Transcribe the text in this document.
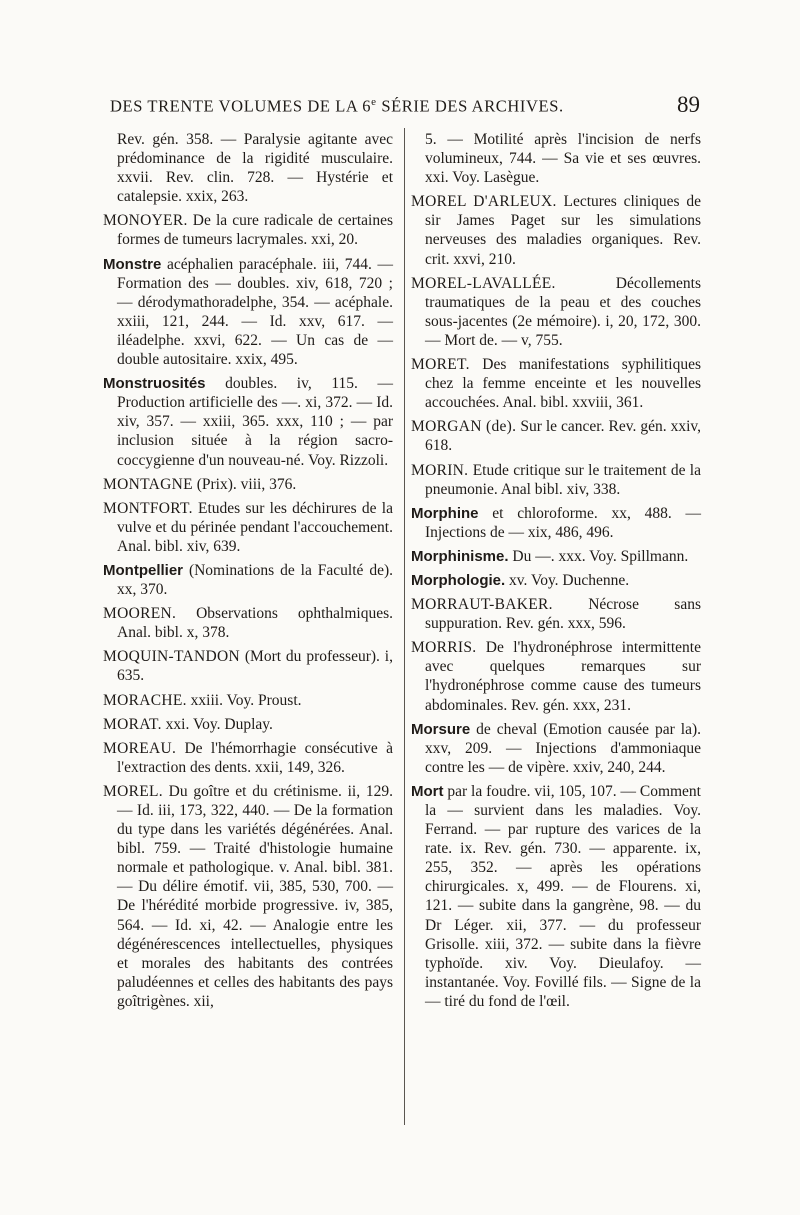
DES TRENTE VOLUMES DE LA 6e SÉRIE DES ARCHIVES.	89

Rev. gén. 358. — Paralysie agitante avec prédominance de la rigidité musculaire. xxvii. Rev. clin. 728. — Hystérie et catalepsie. xxix, 263.

MONOYER. De la cure radicale de certaines formes de tumeurs lacrymales. xxi, 20.

Monstre acéphalien paracéphale. iii, 744. — Formation des — doubles. xiv, 618, 720 ; — dérodymathoradelphe, 354. — acéphale. xxiii, 121, 244. — Id. xxv, 617. — iléadelphe. xxvi, 622. — Un cas de — double autositaire. xxix, 495.

Monstruosités doubles. iv, 115. — Production artificielle des —. xi, 372. — Id. xiv, 357. — xxiii, 365. xxx, 110 ; — par inclusion située à la région sacro-coccygienne d'un nouveau-né. Voy. Rizzoli.

MONTAGNE (Prix). viii, 376.

MONTFORT. Etudes sur les déchirures de la vulve et du périnée pendant l'accouchement. Anal. bibl. xiv, 639.

Montpellier (Nominations de la Faculté de). xx, 370.

MOOREN. Observations ophthalmiques. Anal. bibl. x, 378.

MOQUIN-TANDON (Mort du professeur). i, 635.

MORACHE. xxiii. Voy. Proust.

MORAT. xxi. Voy. Duplay.

MOREAU. De l'hémorrhagie consécutive à l'extraction des dents. xxii, 149, 326.

MOREL. Du goître et du crétinisme. ii, 129. — Id. iii, 173, 322, 440. — De la formation du type dans les variétés dégénérées. Anal. bibl. 759. — Traité d'histologie humaine normale et pathologique. v. Anal. bibl. 381. — Du délire émotif. vii, 385, 530, 700. — De l'hérédité morbide progressive. iv, 385, 564. — Id. xi, 42. — Analogie entre les dégénérescences intellectuelles, physiques et morales des habitants des contrées paludéennes et celles des habitants des pays goîtrigènes. xii,

5. — Motilité après l'incision de nerfs volumineux, 744. — Sa vie et ses œuvres. xxi. Voy. Lasègue.

MOREL D'ARLEUX. Lectures cliniques de sir James Paget sur les simulations nerveuses des maladies organiques. Rev. crit. xxvi, 210.

MOREL-LAVALLÉE. Décollements traumatiques de la peau et des couches sous-jacentes (2e mémoire). i, 20, 172, 300. — Mort de. — v, 755.

MORET. Des manifestations syphilitiques chez la femme enceinte et les nouvelles accouchées. Anal. bibl. xxviii, 361.

MORGAN (de). Sur le cancer. Rev. gén. xxiv, 618.

MORIN. Etude critique sur le traitement de la pneumonie. Anal bibl. xiv, 338.

Morphine et chloroforme. xx, 488. — Injections de — xix, 486, 496.

Morphinisme. Du —. xxx. Voy. Spillmann.

Morphologie. xv. Voy. Duchenne.

MORRAUT-BAKER. Nécrose sans suppuration. Rev. gén. xxx, 596.

MORRIS. De l'hydronéphrose intermittente avec quelques remarques sur l'hydronéphrose comme cause des tumeurs abdominales. Rev. gén. xxx, 231.

Morsure de cheval (Emotion causée par la). xxv, 209. — Injections d'ammoniaque contre les — de vipère. xxiv, 240, 244.

Mort par la foudre. vii, 105, 107. — Comment la — survient dans les maladies. Voy. Ferrand. — par rupture des varices de la rate. ix. Rev. gén. 730. — apparente. ix, 255, 352. — après les opérations chirurgicales. x, 499. — de Flourens. xi, 121. — subite dans la gangrène, 98. — du Dr Léger. xii, 377. — du professeur Grisolle. xiii, 372. — subite dans la fièvre typhoïde. xiv. Voy. Dieulafoy. — instantanée. Voy. Fovillé fils. — Signe de la — tiré du fond de l'œil.
